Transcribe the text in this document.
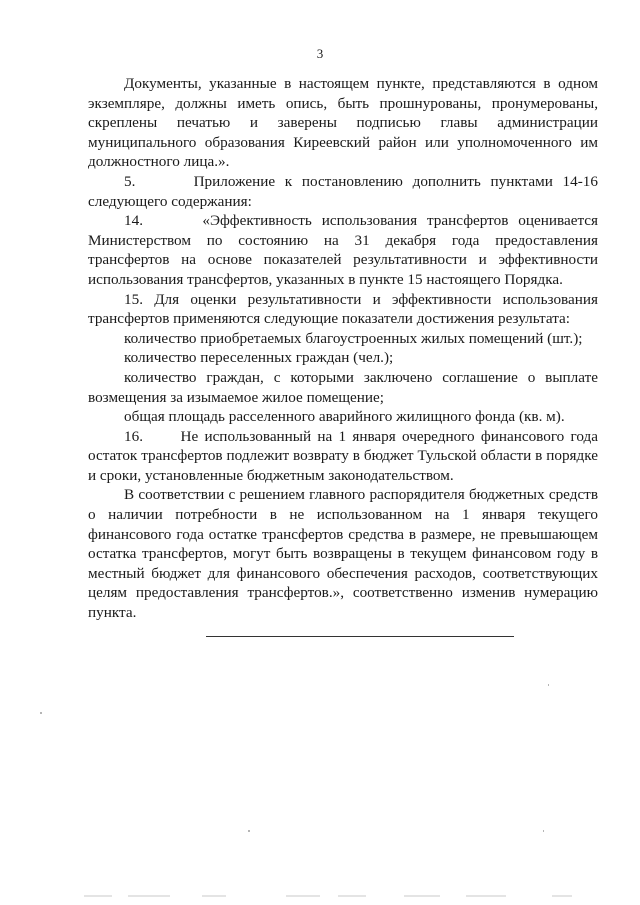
3

Документы, указанные в настоящем пункте, представляются в одном экземпляре, должны иметь опись, быть прошнурованы, пронумерованы, скреплены печатью и заверены подписью главы администрации муниципального образования Киреевский район или уполномоченного им должностного лица.».

5.      Приложение к постановлению дополнить пунктами 14-16 следующего содержания:

14.      «Эффективность использования трансфертов оценивается Министерством по состоянию на 31 декабря года предоставления трансфертов на основе показателей результативности и эффективности использования трансфертов, указанных в пункте 15 настоящего Порядка.

15. Для оценки результативности и эффективности использования трансфертов применяются следующие показатели достижения результата:

количество приобретаемых благоустроенных жилых помещений (шт.);

количество переселенных граждан (чел.);

количество граждан, с которыми заключено соглашение о выплате возмещения за изымаемое жилое помещение;

общая площадь расселенного аварийного жилищного фонда (кв. м).

16.      Не использованный на 1 января очередного финансового года остаток трансфертов подлежит возврату в бюджет Тульской области в порядке и сроки, установленные бюджетным законодательством.

В соответствии с решением главного распорядителя бюджетных средств о наличии потребности в не использованном на 1 января текущего финансового года остатке трансфертов средства в размере, не превышающем остатка трансфертов, могут быть возвращены в текущем финансовом году в местный бюджет для финансового обеспечения расходов, соответствующих целям предоставления трансфертов.», соответственно изменив нумерацию пункта.
